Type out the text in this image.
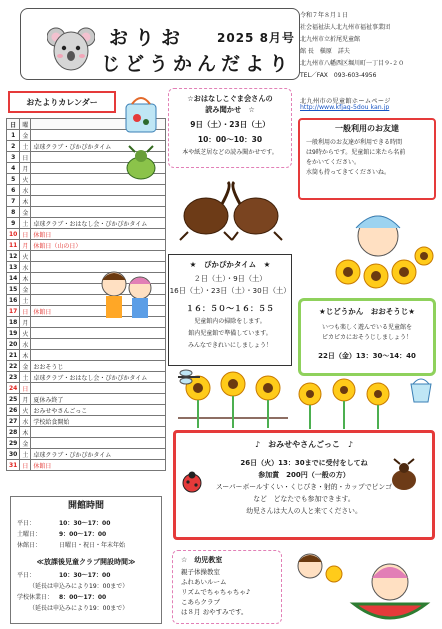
おりお 2025 8月号
じどうかんだより
令和７年８月１日
社会福祉法人北九州市福祉事業団
北九州市立折尾児童館
館 長　槇原　詳夫
北九州市八幡西区堀川町一丁目９-２０
TEL／FAX　093-603-4956
北九州市の児童館ホームページ
http://www.kfjag-5dou kan.jp
おたよりカレンダー
日	曜	
1	金	
2	土	卓球クラブ・ぴかぴかタイム
3	日	
4	月	
5	火	
6	水	
7	木	
8	金	
9	土	卓球クラブ・おはなし会・ぴかぴかタイム
10	日	休館日
11	月	休館日（山の日）
12	火	
13	水	
14	木	
15	金	
16	土	
17	日	休館日
18	月	
19	火	
20	水	
21	木	
22	金	おおそうじ
23	土	卓球クラブ・おはなし会・ぴかぴかタイム
24	日	
25	月	夏休み終了
26	火	おみせやさんごっこ
27	水	学校給食開始
28	木	
29	金	
30	土	卓球クラブ・ぴかぴかタイム
31	日	休館日
☆おはなしこぐま会さんの
読み聞かせ　☆
9日（土）・23日（土）
10：00〜10：30
本や紙芝居などの読み聞かせです。
一般利用のお友達
一般利用のお友達が利用できる時間
は9時からです。児童館に来たら名前
をかいてください。
水筒も持ってきてくださいね。
★　ぴかぴかタイム　★
２日（土）・9日（土）
16日（土）・23日（土）・30日（土）
１６：５０〜１６：５５
児童館内の掃除をします。
館内児童館で準備しています。
みんなできれいにしましょう！
★じどうかん　おおそうじ★
いつも楽しく遊んでいる児童館を
ピカピカにおそうじしましょう！
22日（金）13：30〜14：40
♪　おみせやさんごっこ　♪
26日（火）13：30までに受付をしてね
参加賞　200円（一般の方）
スーパーボールすくい・くじびき・射的・カップでピンゴ
など　どなたでも参加できます。
幼児さんは大人の人と来てください。
開館時間
平日：	10：30〜17：00
土曜日：	9：00〜17：00
休館日：	日曜日・祝日・年末年始
≪放課後児童クラブ開設時間≫
平日：	10：30〜17：00
（延長は申込みにより19：00まで）
学校休業日： 8：00〜17：00
（延長は申込みにより19：00まで）
☆　幼児教室
親子体操教室
ふれあいルーム
リズムでちゃちゃちゃ♪
こあらクラブ
は８月 おやすみです。
